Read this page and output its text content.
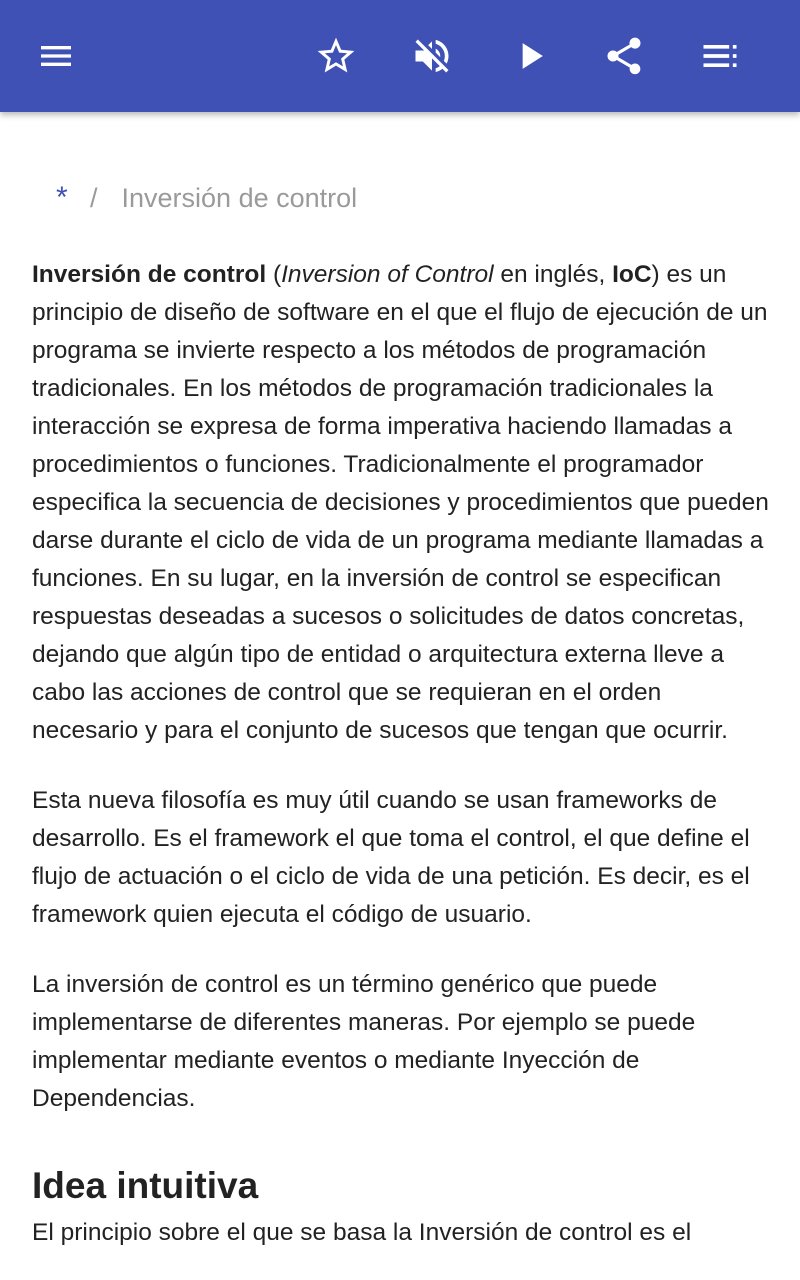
* / Inversión de control

Inversión de control (Inversion of Control en inglés, IoC) es un principio de diseño de software en el que el flujo de ejecución de un programa se invierte respecto a los métodos de programación tradicionales. En los métodos de programación tradicionales la interacción se expresa de forma imperativa haciendo llamadas a procedimientos o funciones. Tradicionalmente el programador especifica la secuencia de decisiones y procedimientos que pueden darse durante el ciclo de vida de un programa mediante llamadas a funciones. En su lugar, en la inversión de control se especifican respuestas deseadas a sucesos o solicitudes de datos concretas, dejando que algún tipo de entidad o arquitectura externa lleve a cabo las acciones de control que se requieran en el orden necesario y para el conjunto de sucesos que tengan que ocurrir.

Esta nueva filosofía es muy útil cuando se usan frameworks de desarrollo. Es el framework el que toma el control, el que define el flujo de actuación o el ciclo de vida de una petición. Es decir, es el framework quien ejecuta el código de usuario.

La inversión de control es un término genérico que puede implementarse de diferentes maneras. Por ejemplo se puede implementar mediante eventos o mediante Inyección de Dependencias.

Idea intuitiva

El principio sobre el que se basa la Inversión de control es el
